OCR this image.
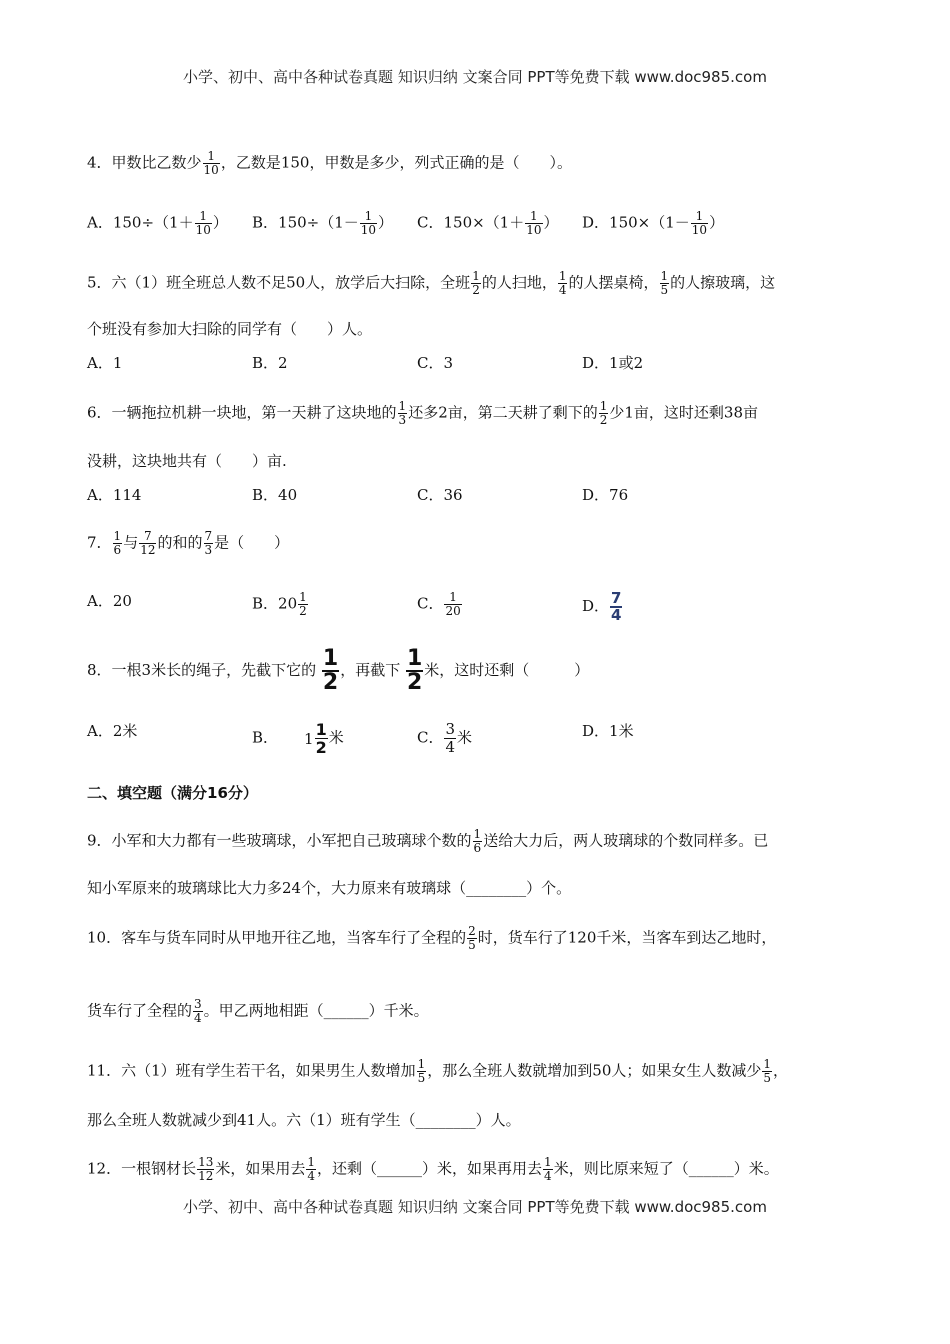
小学、初中、高中各种试卷真题 知识归纳 文案合同 PPT等免费下载 www.doc985.com
4．甲数比乙数少 $\frac{1}{10}$ ，乙数是150，甲数是多少，列式正确的是（　　）。
A．$150\div(1+ \frac{1}{10}$ ） B．$150\div(1- \frac{1}{10}$ ） C．$150\times(1+ \frac{1}{10}$ ） D．$150\times(1- \frac{1}{10}$ ）
5．六（1）班全班总人数不足50人，放学后大扫除，全班 $\frac{1}{2}$ 的人扫地， $\frac{1}{4}$ 的人摆桌椅， $\frac{1}{5}$ 的人擦玻璃，这
个班没有参加大扫除的同学有（　　）人。
A．1	B．2	C．3	D．1或2
6．一辆拖拉机耕一块地，第一天耕了这块地的 $\frac{1}{3}$ 还多2亩，第二天耕了剩下的 $\frac{1}{2}$ 少1亩，这时还剩38亩
没耕，这块地共有（　　）亩.
A．114	B．40	C．36	D．76
7． $\frac{1}{6}$ 与 $\frac{7}{12}$ 的和的 $\frac{7}{3}$ 是（　　）
A．20	B．$20 \frac{1}{2}$	C． $\frac{1}{20}$	D． $\frac{7}{4}$
8．一根3米长的绳子，先截下它的 $\frac{1}{2}$ ，再截下 $\frac{1}{2}$ 米，这时还剩（　　　）
A．2米	B． $1 \frac{1}{2}$ 米	C． $\frac{3}{4}$ 米	D．1米
二、填空题（满分16分）
9．小军和大力都有一些玻璃球，小军把自己玻璃球个数的 $\frac{1}{6}$ 送给大力后，两人玻璃球的个数同样多。已
知小军原来的玻璃球比大力多24个，大力原来有玻璃球（________）个。
10．客车与货车同时从甲地开往乙地，当客车行了全程的 $\frac{2}{5}$ 时，货车行了120千米，当客车到达乙地时，
货车行了全程的 $\frac{3}{4}$ 。甲乙两地相距（______）千米。
11．六（1）班有学生若干名，如果男生人数增加 $\frac{1}{5}$ ，那么全班人数就增加到50人；如果女生人数减少 $\frac{1}{5}$ ，
那么全班人数就减少到41人。六（1）班有学生（________）人。
12．一根钢材长 $\frac{13}{12}$ 米，如果用去 $\frac{1}{4}$ ，还剩（______）米，如果再用去 $\frac{1}{4}$ 米，则比原来短了（______）米。
小学、初中、高中各种试卷真题 知识归纳 文案合同 PPT等免费下载 www.doc985.com
